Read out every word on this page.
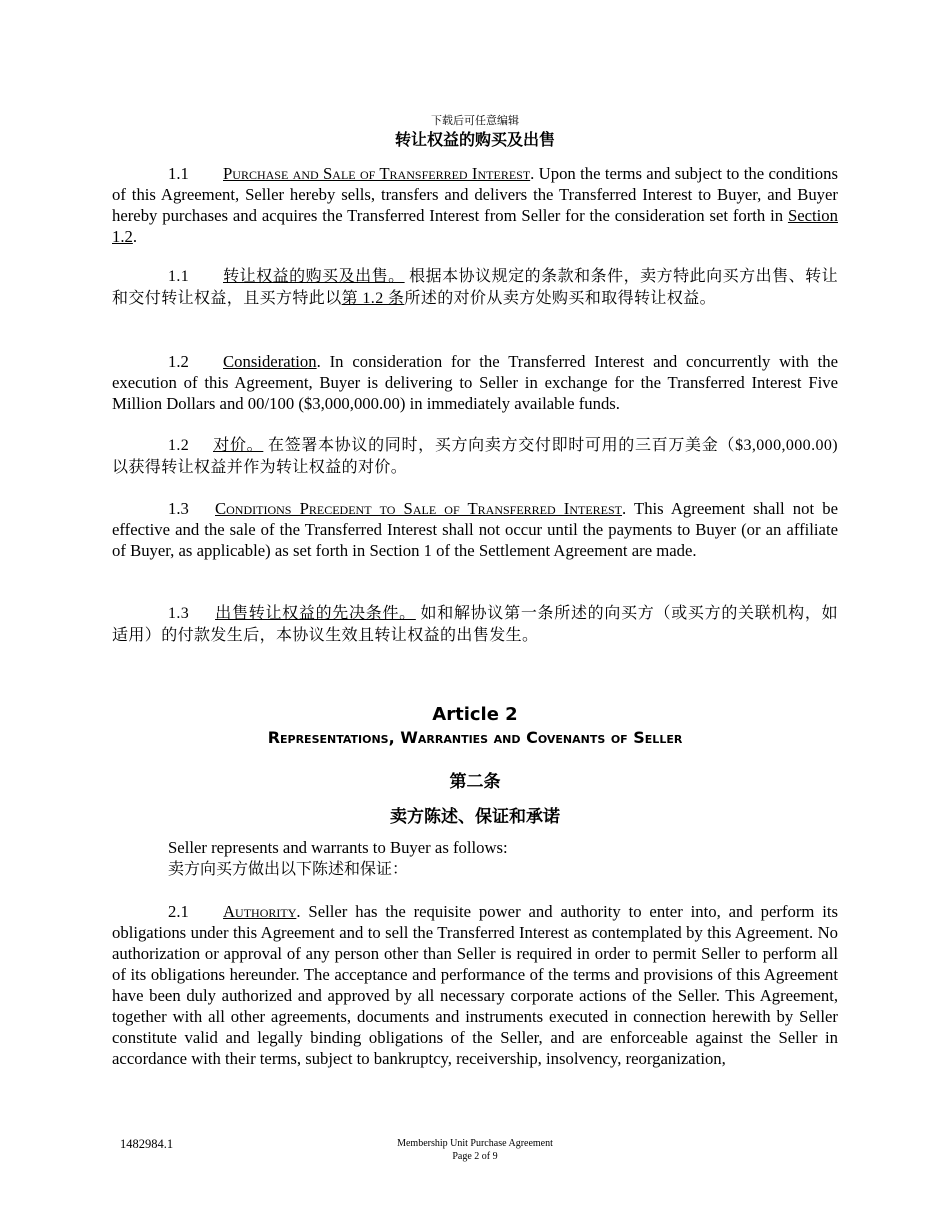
下载后可任意编辑
转让权益的购买及出售

1.1 Purchase and Sale of Transferred Interest. Upon the terms and subject to the conditions of this Agreement, Seller hereby sells, transfers and delivers the Transferred Interest to Buyer, and Buyer hereby purchases and acquires the Transferred Interest from Seller for the consideration set forth in Section 1.2.

1.1 转让权益的购买及出售。 根据本协议规定的条款和条件，卖方特此向买方出售、转让和交付转让权益，且买方特此以第 1.2 条所述的对价从卖方处购买和取得转让权益。

1.2 Consideration. In consideration for the Transferred Interest and concurrently with the execution of this Agreement, Buyer is delivering to Seller in exchange for the Transferred Interest Five Million Dollars and 00/100 ($3,000,000.00) in immediately available funds.

1.2 对价。 在签署本协议的同时，买方向卖方交付即时可用的三百万美金（$3,000,000.00)以获得转让权益并作为转让权益的对价。

1.3 Conditions Precedent to Sale of Transferred Interest. This Agreement shall not be effective and the sale of the Transferred Interest shall not occur until the payments to Buyer (or an affiliate of Buyer, as applicable) as set forth in Section 1 of the Settlement Agreement are made.

1.3 出售转让权益的先决条件。 如和解协议第一条所述的向买方（或买方的关联机构，如适用）的付款发生后，本协议生效且转让权益的出售发生。

Article 2
Representations, Warranties and Covenants of Seller
第二条
卖方陈述、保证和承诺
Seller represents and warrants to Buyer as follows:
卖方向买方做出以下陈述和保证：

2.1 Authority. Seller has the requisite power and authority to enter into, and perform its obligations under this Agreement and to sell the Transferred Interest as contemplated by this Agreement. No authorization or approval of any person other than Seller is required in order to permit Seller to perform all of its obligations hereunder. The acceptance and performance of the terms and provisions of this Agreement have been duly authorized and approved by all necessary corporate actions of the Seller. This Agreement, together with all other agreements, documents and instruments executed in connection herewith by Seller constitute valid and legally binding obligations of the Seller, and are enforceable against the Seller in accordance with their terms, subject to bankruptcy, receivership, insolvency, reorganization,

1482984.1	Membership Unit Purchase Agreement
Page 2 of 9
